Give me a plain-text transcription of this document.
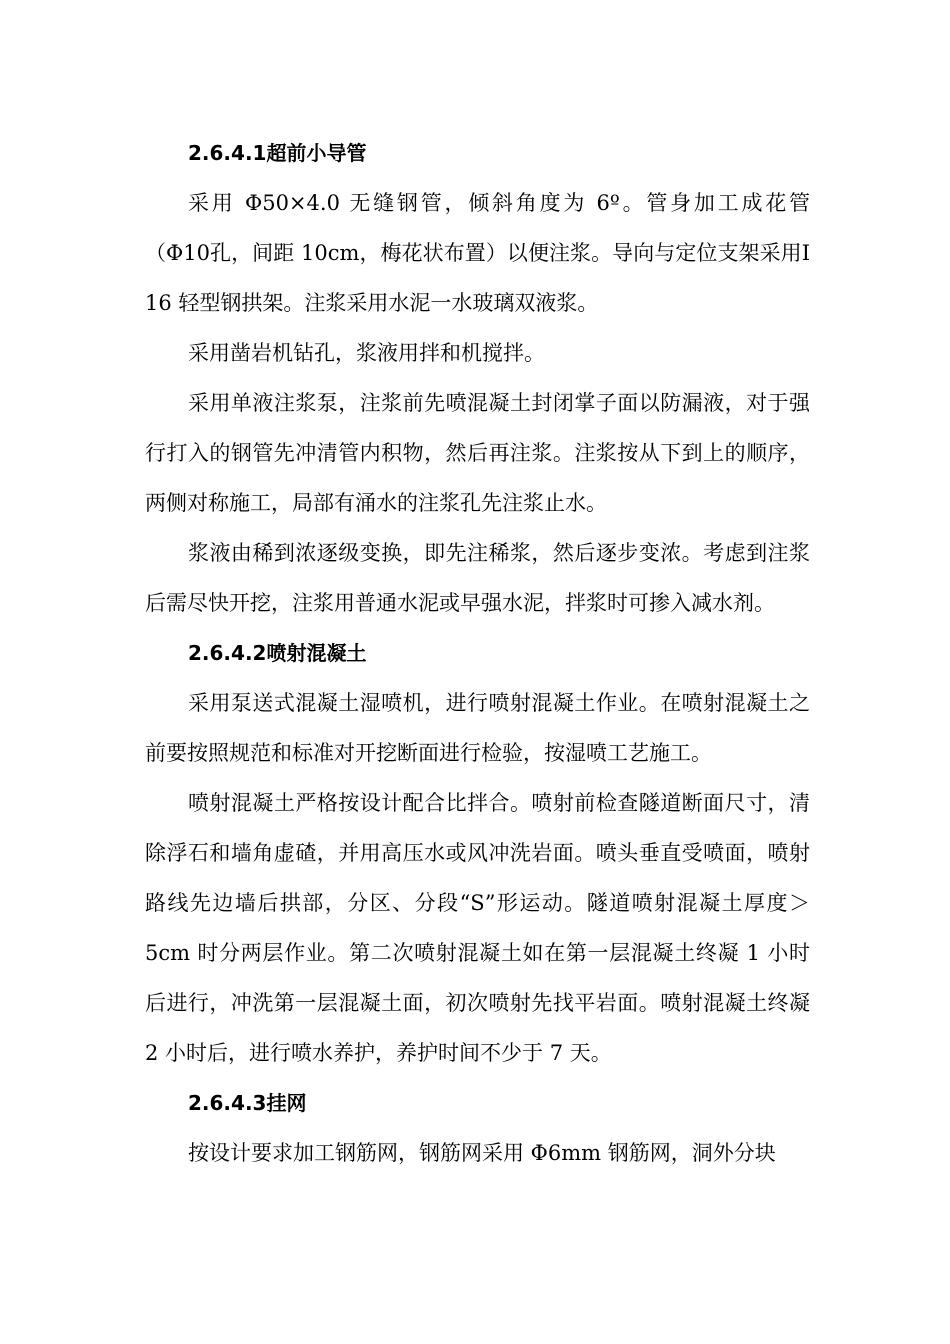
2.6.4.1超前小导管

采用 Φ50×4.0 无缝钢管，倾斜角度为 6º。管身加工成花管（Φ10孔，间距 10cm，梅花状布置）以便注浆。导向与定位支架采用Ⅰ 16 轻型钢拱架。注浆采用水泥一水玻璃双液浆。

采用凿岩机钻孔，浆液用拌和机搅拌。

采用单液注浆泵，注浆前先喷混凝土封闭掌子面以防漏液，对于强行打入的钢管先冲清管内积物，然后再注浆。注浆按从下到上的顺序，两侧对称施工，局部有涌水的注浆孔先注浆止水。

浆液由稀到浓逐级变换，即先注稀浆，然后逐步变浓。考虑到注浆后需尽快开挖，注浆用普通水泥或早强水泥，拌浆时可掺入减水剂。

2.6.4.2喷射混凝土

采用泵送式混凝土湿喷机，进行喷射混凝土作业。在喷射混凝土之前要按照规范和标准对开挖断面进行检验，按湿喷工艺施工。

喷射混凝土严格按设计配合比拌合。喷射前检查隧道断面尺寸，清除浮石和墙角虚碴，并用高压水或风冲洗岩面。喷头垂直受喷面，喷射路线先边墙后拱部，分区、分段“S”形运动。隧道喷射混凝土厚度＞5cm 时分两层作业。第二次喷射混凝土如在第一层混凝土终凝 1 小时后进行，冲洗第一层混凝土面，初次喷射先找平岩面。喷射混凝土终凝 2 小时后，进行喷水养护，养护时间不少于 7 天。

2.6.4.3挂网

按设计要求加工钢筋网，钢筋网采用 Φ6mm 钢筋网，洞外分块
